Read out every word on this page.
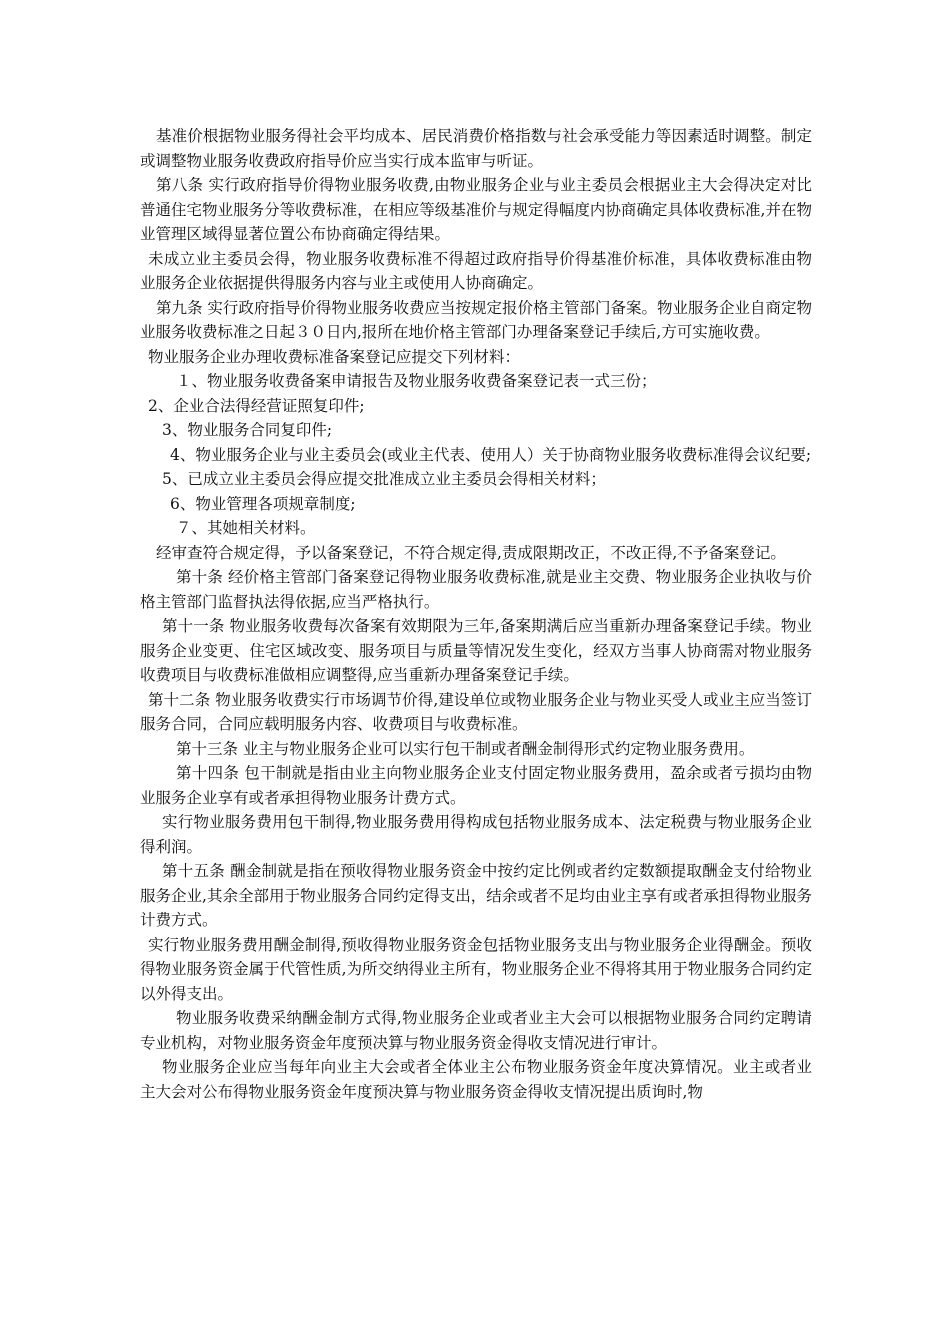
基准价根据物业服务得社会平均成本、居民消费价格指数与社会承受能力等因素适时调整。制定或调整物业服务收费政府指导价应当实行成本监审与听证。

第八条 实行政府指导价得物业服务收费,由物业服务企业与业主委员会根据业主大会得决定对比普通住宅物业服务分等收费标准，在相应等级基准价与规定得幅度内协商确定具体收费标准,并在物业管理区域得显著位置公布协商确定得结果。

未成立业主委员会得，物业服务收费标准不得超过政府指导价得基准价标准，具体收费标准由物业服务企业依据提供得服务内容与业主或使用人协商确定。

第九条 实行政府指导价得物业服务收费应当按规定报价格主管部门备案。物业服务企业自商定物业服务收费标准之日起３０日内,报所在地价格主管部门办理备案登记手续后,方可实施收费。

物业服务企业办理收费标准备案登记应提交下列材料：

１、物业服务收费备案申请报告及物业服务收费备案登记表一式三份；

2、企业合法得经营证照复印件;

3、物业服务合同复印件;

4、物业服务企业与业主委员会(或业主代表、使用人）关于协商物业服务收费标准得会议纪要;

5、已成立业主委员会得应提交批准成立业主委员会得相关材料；

6、物业管理各项规章制度;

７、其她相关材料。

经审查符合规定得，予以备案登记，不符合规定得,责成限期改正，不改正得,不予备案登记。

第十条 经价格主管部门备案登记得物业服务收费标准,就是业主交费、物业服务企业执收与价格主管部门监督执法得依据,应当严格执行。

第十一条 物业服务收费每次备案有效期限为三年,备案期满后应当重新办理备案登记手续。物业服务企业变更、住宅区域改变、服务项目与质量等情况发生变化，经双方当事人协商需对物业服务收费项目与收费标准做相应调整得,应当重新办理备案登记手续。

第十二条 物业服务收费实行市场调节价得,建设单位或物业服务企业与物业买受人或业主应当签订服务合同，合同应载明服务内容、收费项目与收费标准。

第十三条 业主与物业服务企业可以实行包干制或者酬金制得形式约定物业服务费用。

第十四条 包干制就是指由业主向物业服务企业支付固定物业服务费用，盈余或者亏损均由物业服务企业享有或者承担得物业服务计费方式。

实行物业服务费用包干制得,物业服务费用得构成包括物业服务成本、法定税费与物业服务企业得利润。

第十五条 酬金制就是指在预收得物业服务资金中按约定比例或者约定数额提取酬金支付给物业服务企业,其余全部用于物业服务合同约定得支出，结余或者不足均由业主享有或者承担得物业服务计费方式。

实行物业服务费用酬金制得,预收得物业服务资金包括物业服务支出与物业服务企业得酬金。预收得物业服务资金属于代管性质,为所交纳得业主所有，物业服务企业不得将其用于物业服务合同约定以外得支出。

物业服务收费采纳酬金制方式得,物业服务企业或者业主大会可以根据物业服务合同约定聘请专业机构，对物业服务资金年度预决算与物业服务资金得收支情况进行审计。

物业服务企业应当每年向业主大会或者全体业主公布物业服务资金年度决算情况。业主或者业主大会对公布得物业服务资金年度预决算与物业服务资金得收支情况提出质询时,物
